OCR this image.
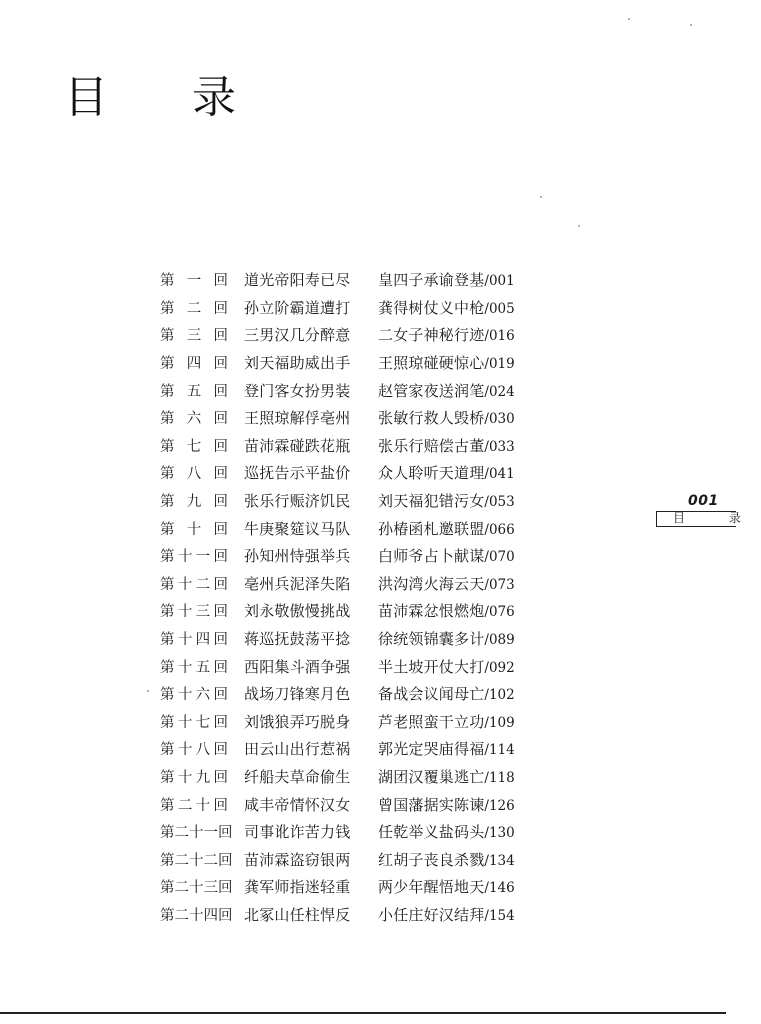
目 录
第 一 回 道光帝阳寿已尽	皇四子承谕登基/001
第 二 回 孙立阶霸道遭打	龚得树仗义中枪/005
第 三 回 三男汉几分醉意	二女子神秘行迹/016
第 四 回 刘天福助威出手	王照琼碰硬惊心/019
第 五 回 登门客女扮男装	赵管家夜送润笔/024
第 六 回 王照琼解俘亳州	张敏行救人毁桥/030
第 七 回 苗沛霖碰跌花瓶	张乐行赔偿古董/033
第 八 回 巡抚告示平盐价	众人聆听天道理/041
第 九 回 张乐行赈济饥民	刘天福犯错污女/053
第 十 回 牛庚聚筵议马队	孙椿函札邀联盟/066
第 十 一 回 孙知州恃强举兵	白师爷占卜献谋/070
第 十 二 回 亳州兵泥泽失陷	洪沟湾火海云天/073
第 十 三 回 刘永敬傲慢挑战	苗沛霖忿恨燃炮/076
第 十 四 回 蒋巡抚鼓荡平捻	徐统领锦囊多计/089
第 十 五 回 西阳集斗酒争强	半土坡开仗大打/092
第 十 六 回 战场刀锋寒月色	备战会议闻母亡/102
第 十 七 回 刘饿狼弄巧脱身	芦老照蛮干立功/109
第 十 八 回 田云山出行惹祸	郭光定哭庙得福/114
第 十 九 回 纤船夫草命偷生	湖团汉覆巢逃亡/118
第 二 十 回 咸丰帝情怀汉女	曾国藩据实陈谏/126
第 二 十 一 回 司事讹诈苦力钱	任乾举义盐码头/130
第 二 十 二 回 苗沛霖盗窃银两	红胡子丧良杀戮/134
第 二 十 三 回 龚军师指迷轻重	两少年醒悟地天/146
第 二 十 四 回 北冢山任柱悍反	小任庄好汉结拜/154
001
目 录
